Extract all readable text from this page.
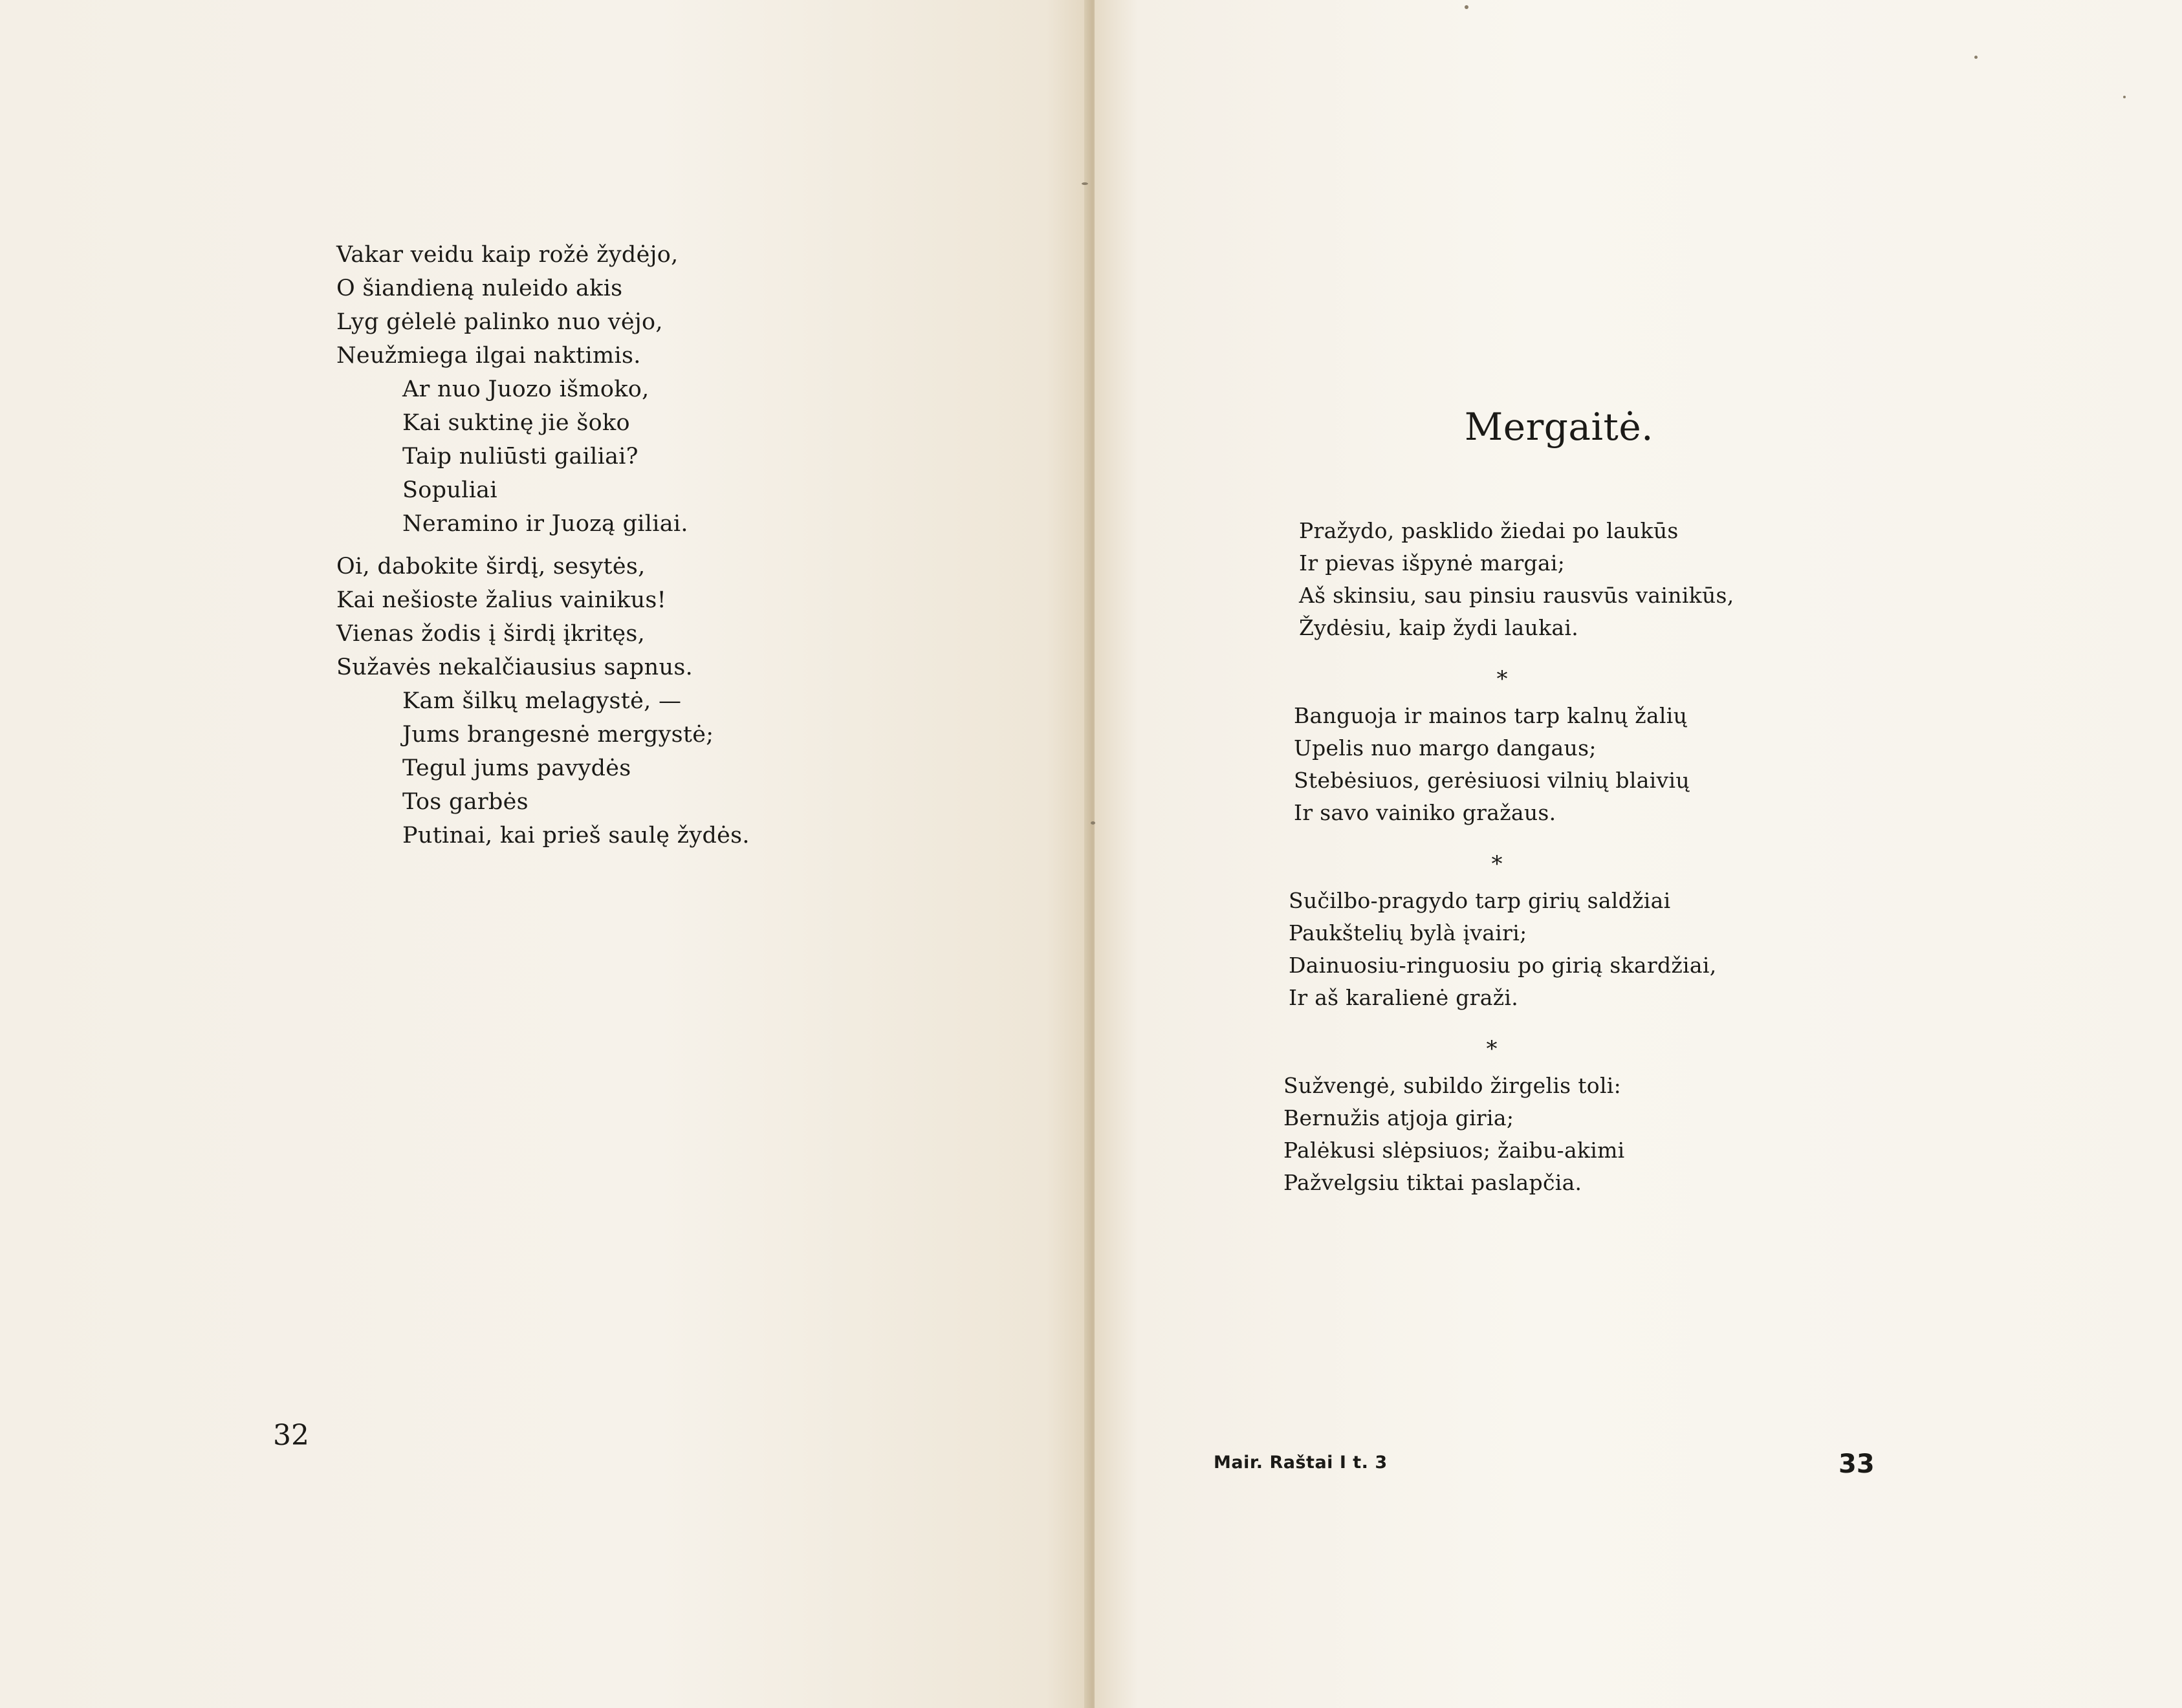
Vakar veidu kaip rožė žydėjo,
O šiandieną nuleido akis
Lyg gėlelė palinko nuo vėjo,
Neužmiega ilgai naktimis.
Ar nuo Juozo išmoko,
Kai suktinę jie šoko
Taip nuliūsti gailiai?
Sopuliai
Neramino ir Juozą giliai.
Oi, dabokite širdį, sesytės,
Kai nešioste žalius vainikus!
Vienas žodis į širdį įkritęs,
Sužavės nekalčiausius sapnus.
Kam šilkų melagystė, —
Jums brangesnė mergystė;
Tegul jums pavydės
Tos garbės
Putinai, kai prieš saulę žydės.
32
Mergaitė.
Pražydo, pasklido žiedai po laukūs
Ir pievas išpynė margai;
Aš skinsiu, sau pinsiu rausvūs vainikūs,
Žydėsiu, kaip žydi laukai.
*
Banguoja ir mainos tarp kalnų žalių
Upelis nuo margo dangaus;
Stebėsiuos, gerėsiuosi vilnių blaivių
Ir savo vainiko gražaus.
*
Sučilbo-pragydo tarp girių saldžiai
Paukštelių bylà įvairi;
Dainuosiu-ringuosiu po girią skardžiai,
Ir aš karalienė graži.
*
Sužvengė, subildo žirgelis toli:
Bernužis atjoja giria;
Palėkusi slėpsiuos; žaibu-akimi
Pažvelgsiu tiktai paslapčia.
Mair. Raštai I t. 3	33
